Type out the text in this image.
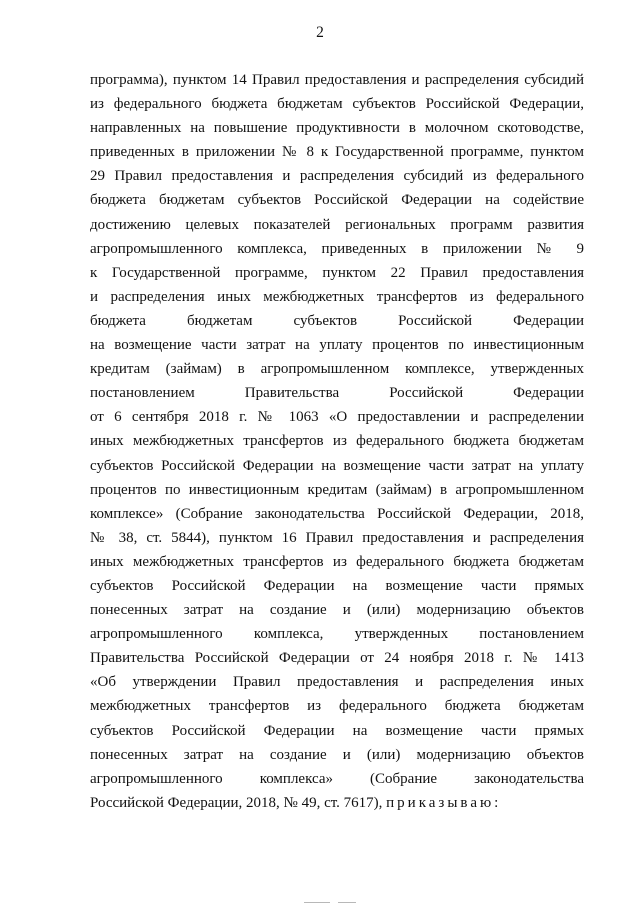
2
программа), пунктом 14 Правил предоставления и распределения субсидий
из федерального бюджета бюджетам субъектов Российской Федерации,
направленных на повышение продуктивности в молочном скотоводстве,
приведенных в приложении № 8 к Государственной программе, пунктом
29 Правил предоставления и распределения субсидий из федерального
бюджета бюджетам субъектов Российской Федерации на содействие
достижению целевых показателей региональных программ развития
агропромышленного комплекса, приведенных в приложении № 9
к Государственной программе, пунктом 22 Правил предоставления
и распределения иных межбюджетных трансфертов из федерального
бюджета бюджетам субъектов Российской Федерации
на возмещение части затрат на уплату процентов по инвестиционным
кредитам (займам) в агропромышленном комплексе, утвержденных
постановлением Правительства Российской Федерации
от 6 сентября 2018 г. № 1063 «О предоставлении и распределении
иных межбюджетных трансфертов из федерального бюджета бюджетам
субъектов Российской Федерации на возмещение части затрат на уплату
процентов по инвестиционным кредитам (займам) в агропромышленном
комплексе» (Собрание законодательства Российской Федерации, 2018,
№ 38, ст. 5844), пунктом 16 Правил предоставления и распределения
иных межбюджетных трансфертов из федерального бюджета бюджетам
субъектов Российской Федерации на возмещение части прямых
понесенных затрат на создание и (или) модернизацию объектов
агропромышленного комплекса, утвержденных постановлением
Правительства Российской Федерации от 24 ноября 2018 г. № 1413
«Об утверждении Правил предоставления и распределения иных
межбюджетных трансфертов из федерального бюджета бюджетам
субъектов Российской Федерации на возмещение части прямых
понесенных затрат на создание и (или) модернизацию объектов
агропромышленного комплекса» (Собрание законодательства
Российской Федерации, 2018, № 49, ст. 7617), приказываю:
